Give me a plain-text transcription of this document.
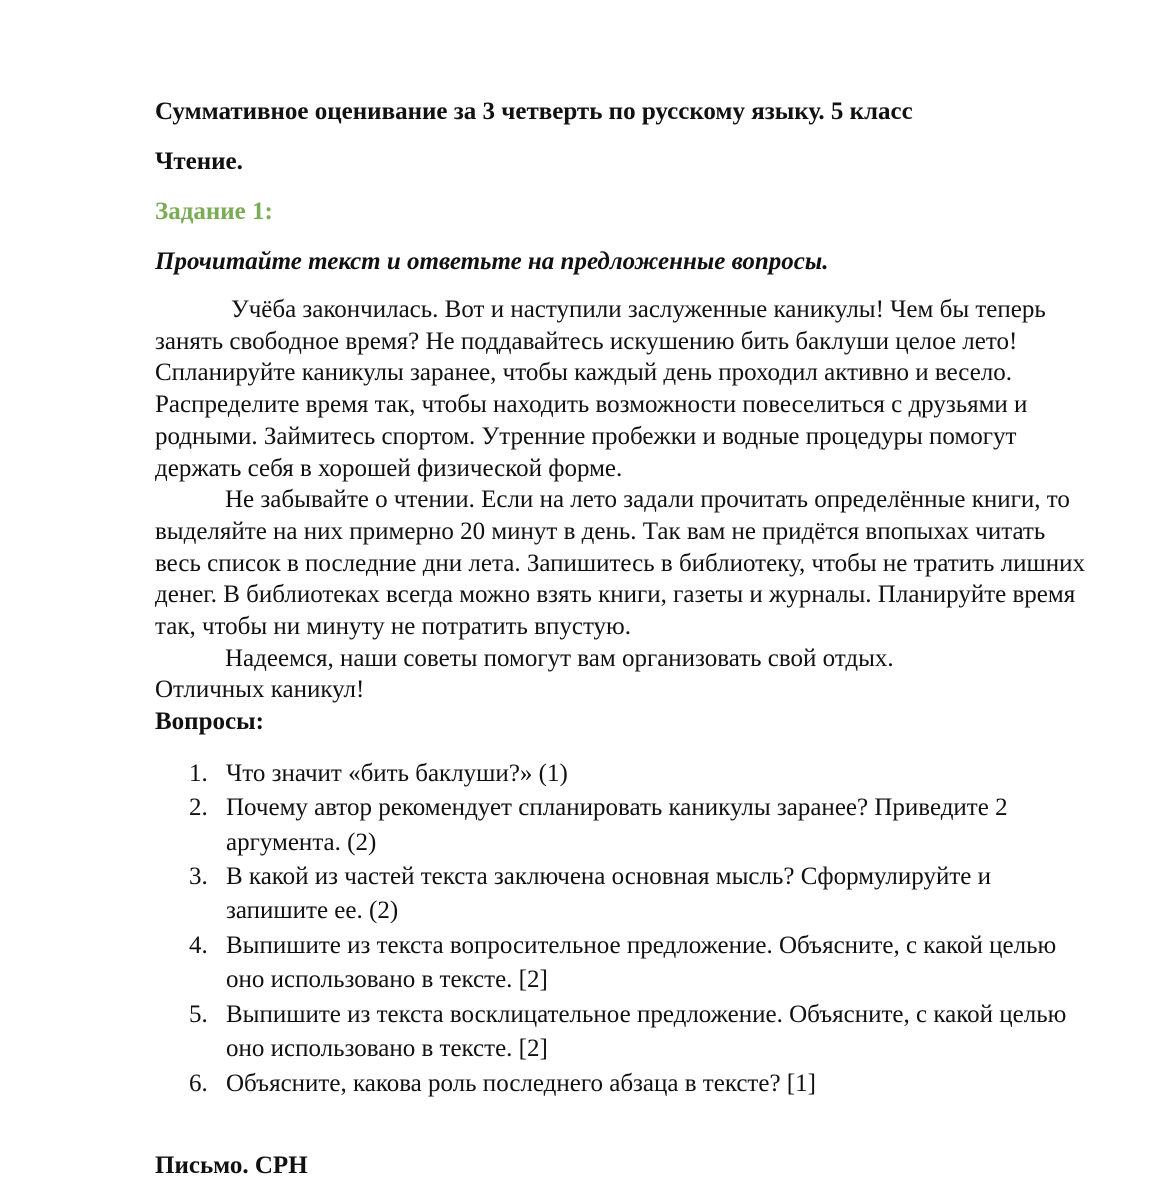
Суммативное оценивание за 3 четверть по русскому языку. 5 класс
Чтение.
Задание 1:
Прочитайте текст и ответьте на предложенные вопросы.

Учёба закончилась. Вот и наступили заслуженные каникулы! Чем бы теперь занять свободное время? Не поддавайтесь искушению бить баклуши целое лето! Спланируйте каникулы заранее, чтобы каждый день проходил активно и весело. Распределите время так, чтобы находить возможности повеселиться с друзьями и родными. Займитесь спортом. Утренние пробежки и водные процедуры помогут держать себя в хорошей физической форме.

Не забывайте о чтении. Если на лето задали прочитать определённые книги, то выделяйте на них примерно 20 минут в день. Так вам не придётся впопыхах читать весь список в последние дни лета. Запишитесь в библиотеку, чтобы не тратить лишних денег. В библиотеках всегда можно взять книги, газеты и журналы. Планируйте время так, чтобы ни минуту не потратить впустую.

Надеемся, наши советы помогут вам организовать свой отдых.

Отличных каникул!
Вопросы:
1. Что значит «бить баклуши?» (1)
2. Почему автор рекомендует спланировать каникулы заранее? Приведите 2 аргумента. (2)
3. В какой из частей текста заключена основная мысль? Сформулируйте и запишите ее. (2)
4. Выпишите из текста вопросительное предложение. Объясните, с какой целью оно использовано в тексте. [2]
5. Выпишите из текста восклицательное предложение. Объясните, с какой целью оно использовано в тексте. [2]
6. Объясните, какова роль последнего абзаца в тексте? [1]
Письмо. СРН
